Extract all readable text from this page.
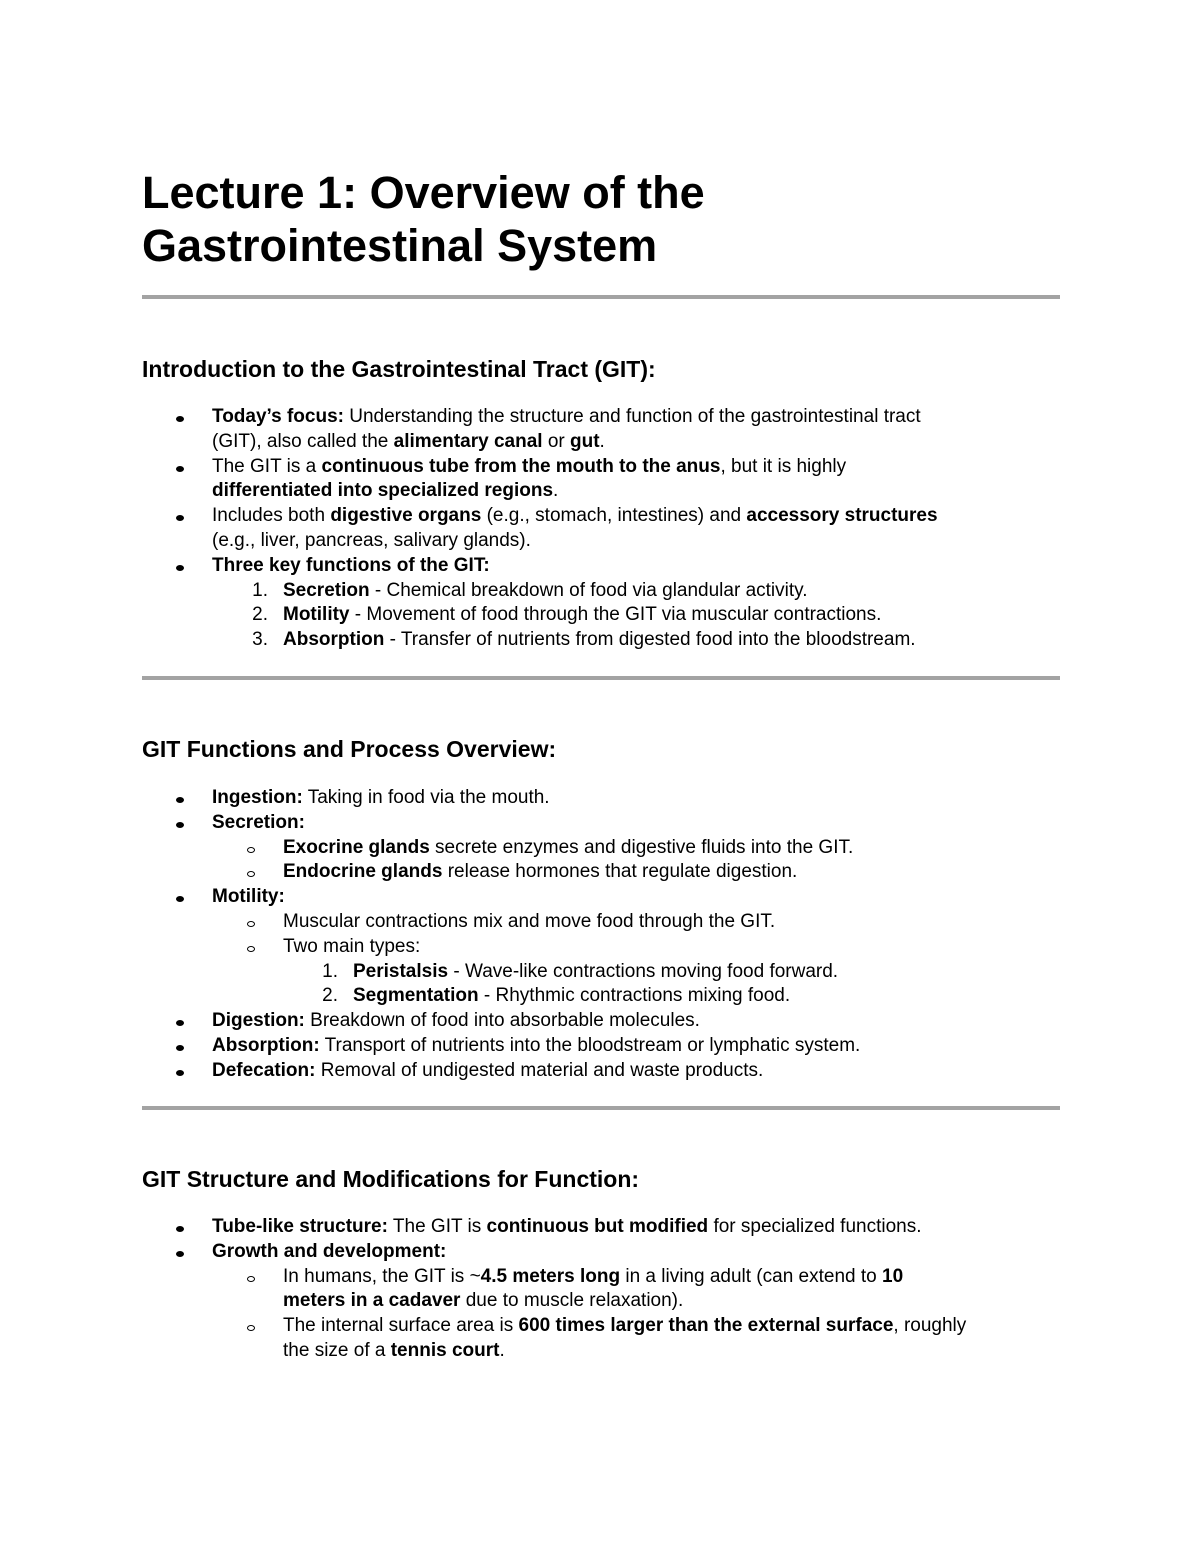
Lecture 1: Overview of the
Gastrointestinal System
Introduction to the Gastrointestinal Tract (GIT):
Today’s focus: Understanding the structure and function of the gastrointestinal tract
(GIT), also called the alimentary canal or gut.
The GIT is a continuous tube from the mouth to the anus, but it is highly
differentiated into specialized regions.
Includes both digestive organs (e.g., stomach, intestines) and accessory structures
(e.g., liver, pancreas, salivary glands).
Three key functions of the GIT:
1. Secretion - Chemical breakdown of food via glandular activity.
2. Motility - Movement of food through the GIT via muscular contractions.
3. Absorption - Transfer of nutrients from digested food into the bloodstream.
GIT Functions and Process Overview:
Ingestion: Taking in food via the mouth.
Secretion:
Exocrine glands secrete enzymes and digestive fluids into the GIT.
Endocrine glands release hormones that regulate digestion.
Motility:
Muscular contractions mix and move food through the GIT.
Two main types:
1. Peristalsis - Wave-like contractions moving food forward.
2. Segmentation - Rhythmic contractions mixing food.
Digestion: Breakdown of food into absorbable molecules.
Absorption: Transport of nutrients into the bloodstream or lymphatic system.
Defecation: Removal of undigested material and waste products.
GIT Structure and Modifications for Function:
Tube-like structure: The GIT is continuous but modified for specialized functions.
Growth and development:
In humans, the GIT is ~4.5 meters long in a living adult (can extend to 10
meters in a cadaver due to muscle relaxation).
The internal surface area is 600 times larger than the external surface, roughly
the size of a tennis court.
